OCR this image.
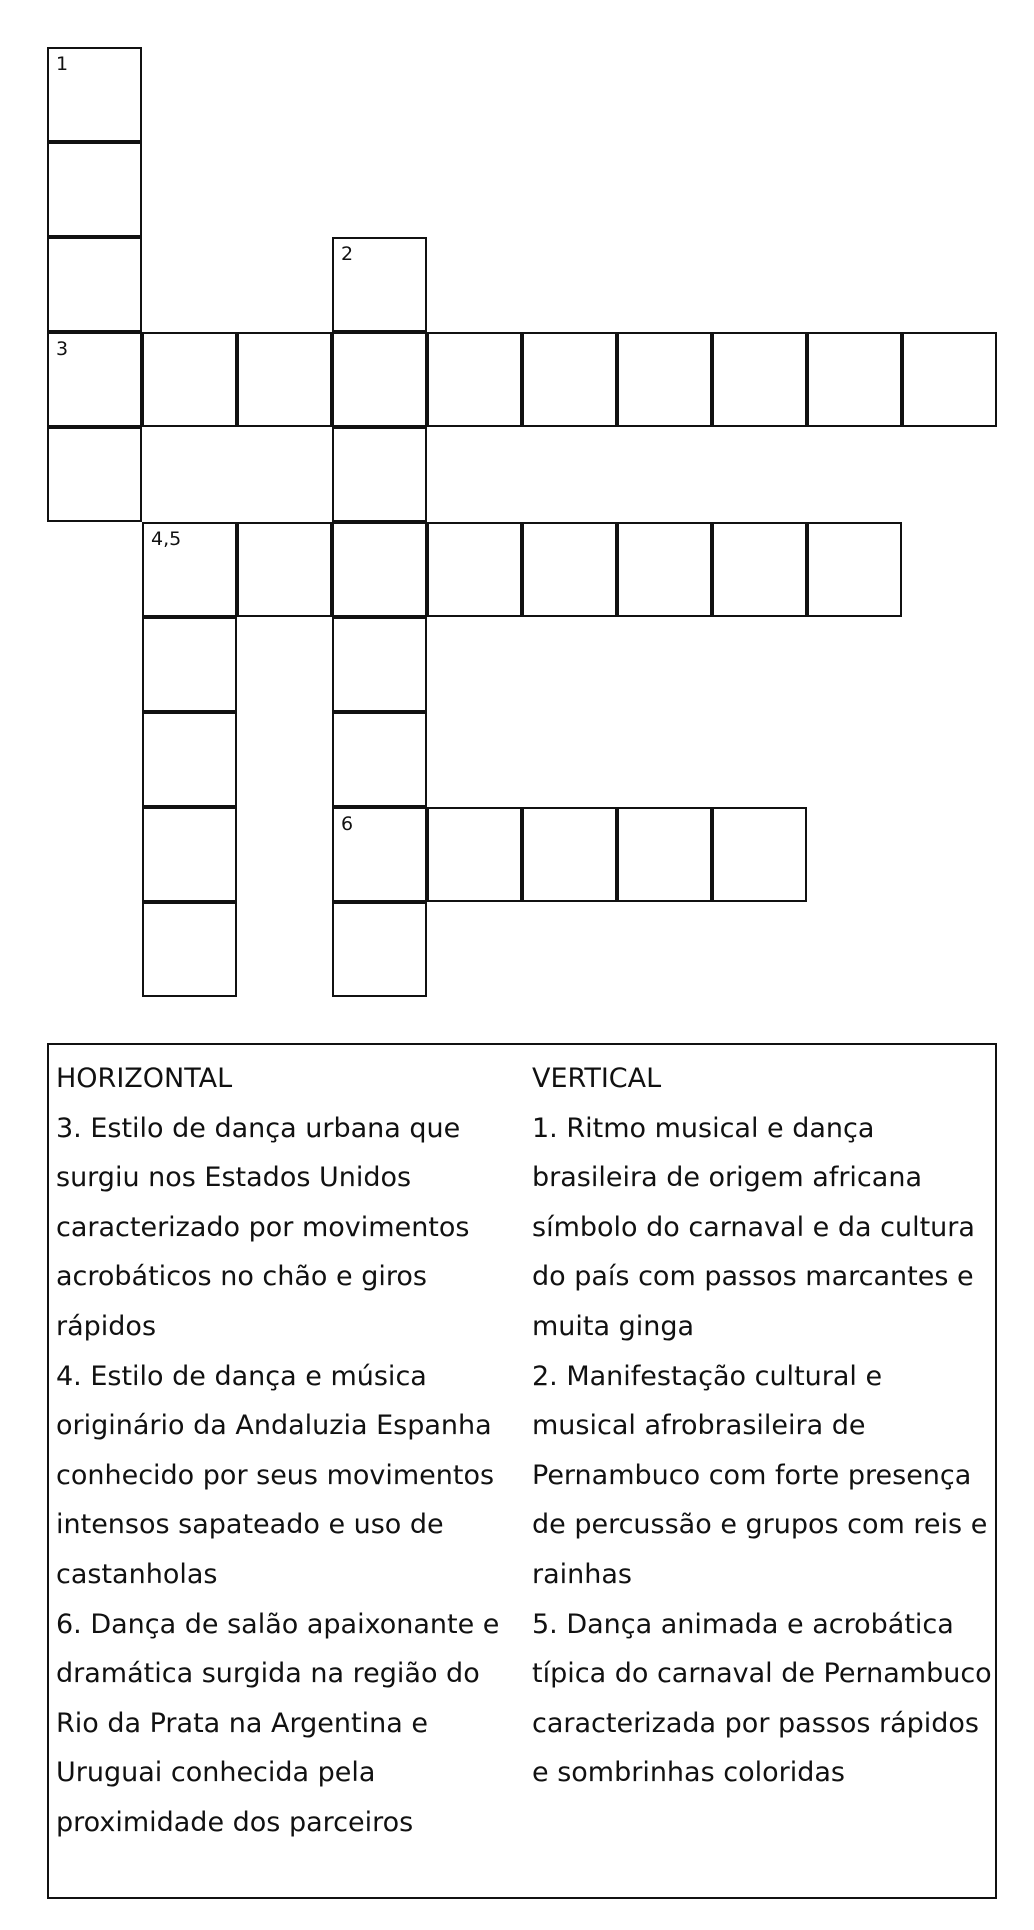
1
2
3
4,5
6
HORIZONTAL
3. Estilo de dança urbana que surgiu nos Estados Unidos caracterizado por movimentos acrobáticos no chão e giros rápidos
4. Estilo de dança e música originário da Andaluzia Espanha conhecido por seus movimentos intensos sapateado e uso de castanholas
6. Dança de salão apaixonante e dramática surgida na região do Rio da Prata na Argentina e Uruguai conhecida pela proximidade dos parceiros
VERTICAL
1. Ritmo musical e dança brasileira de origem africana símbolo do carnaval e da cultura do país com passos marcantes e muita ginga
2. Manifestação cultural e musical afrobrasileira de Pernambuco com forte presença de percussão e grupos com reis e rainhas
5. Dança animada e acrobática típica do carnaval de Pernambuco caracterizada por passos rápidos e sombrinhas coloridas
